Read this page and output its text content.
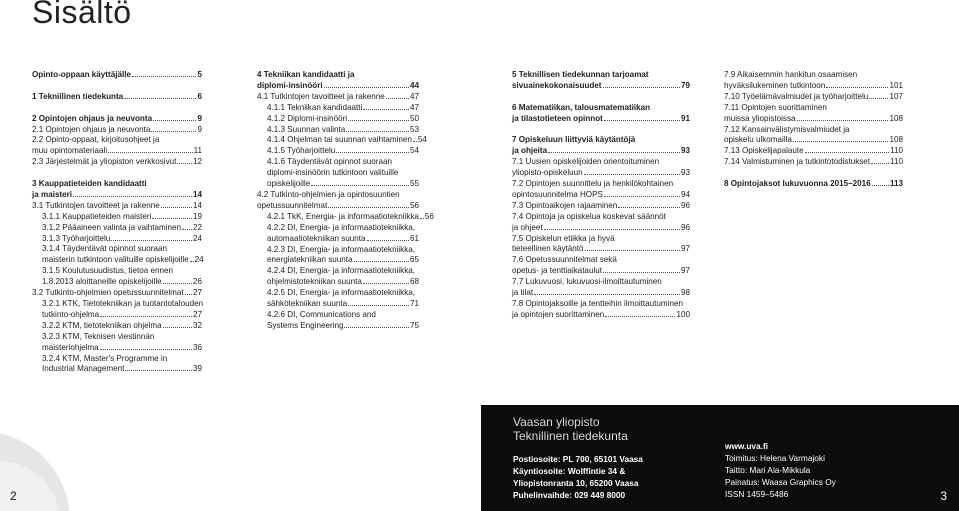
Sisältö
Opinto-oppaan käyttäjälle	5
1 Tekniilinen tiedekunta	6
2 Opintojen ohjaus ja neuvonta	9
2.1 Opintojen ohjaus ja neuvonta	9
2.2 Opinto-oppaat, kirjoitusohjeet ja
muu opintomateriaali	11
2.3 Järjestelmät ja yliopiston verkkosivut 12
3 Kauppatieteiden kandidaatti
ja maisteri	14
3.1 Tutkintojen tavoitteet ja rakenne	14
3.1.1 Kauppatieteiden maisteri	19
3.1.2 Pääaineen valinta ja vaihtaminen 22
3.1.3 Työharjoittelu	24
3.1.4 Täydentävät opinnot suoraan
maisterin tutkintoon valituille opiskelijoille 24
3.1.5 Koulutusuudistus, tietoa ennen
1.8.2013 aloittaneille opiskelijoille	26
3.2 Tutkinto-ohjelmien opetussuunnitelmat 27
3.2.1 KTK, Tietotekniikan ja tuotantotalouden
tutkinto-ohjelma	27
3.2.2 KTM, tietotekniikan ohjelma	32
3.2.3 KTM, Teknisen viestinnän
maisteriohjelma	36
3.2.4 KTM, Master's Programme in
Industrial Management	39
4 Tekniikan kandidaatti ja
diplomi-insinööri	44
4.1 Tutkintojen tavoitteet ja rakenne	47
4.1.1 Tekniikan kandidaatti	47
4.1.2 Diplomi-insinööri	50
4.1.3 Suunnan valinta	53
4.1.4 Ohjelman tai suunnan vaihtaminen 54
4.1.5 Työharjoittelu	54
4.1.6 Täydentävät opinnot suoraan
diplomi-insinöörin tutkintoon valituille
opiskelijoille	55
4.2 Tutkinto-ohjelmien ja opintosuuntien
opetussuunnitelmat	56
4.2.1 TkK, Energia- ja informaatiotekniikka 56
4.2.2 DI, Energia- ja informaatiotekniikka,
automaatiotekniikan suunta	61
4.2.3 DI, Energia- ja informaatiotekniikka,
energiatekniikan suunta	65
4.2.4 DI, Energia- ja informaatiotekniikka,
ohjelmistotekniikan suunta	68
4.2.5 DI, Energia- ja informaatiotekniikka,
sähkötekniikan suunta	71
4.2.6 DI, Communications and
Systems Engineering	75
5 Teknillisen tiedekunnan tarjoamat
sivuainekokonaisuudet	79
6 Matematiikan, talousmatematiikan
ja tilastotieteen opinnot	91
7 Opiskeluun liittyviä käytäntöjä
ja ohjeita	93
7.1 Uusien opiskelijoiden orientoituminen
yliopisto-opiskeluun	93
7.2 Opintojen suunnittelu ja henkilökohtainen
opintosuunnitelma HOPS	94
7.3 Opintoaikojen rajaaminen	96
7.4 Opintoja ja opiskelua koskevat säännöt
ja ohjeet	96
7.5 Opiskelun etiikka ja hyvä
tieteellinen käytäntö	97
7.6 Opetussuunnitelmat sekä
opetus- ja tenttiaikataulut	97
7.7 Lukuvuosi, lukuvuosi-ilmoittautuminen
ja tilat	98
7.8 Opintojaksoille ja tentteihin ilmoittautuminen
ja opintojen suorittaminen	100
7.9 Aikaisemmin hankitun osaamisen
hyväksilukeminen tutkintoon	101
7.10 Työelämävalmiudet ja työharjoittelu	107
7.11 Opintojen suorittaminen
muissa yliopistoissa	108
7.12 Kansainvälistymisvalmiudet ja
opiskelu ulkomailla	108
7.13 Opiskelijapalaute	110
7.14 Valmistuminen ja tutkintotodistukset 110
8 Opintojaksot lukuvuonna 2015–2016 113
2
Vaasan yliopisto
Teknillinen tiedekunta
Postiosoite: PL 700, 65101 Vaasa
Käyntiosoite: Wolffintie 34 &
Yliopistonranta 10, 65200 Vaasa
Puhelinvaihde: 029 449 8000
www.uva.fi
Toimitus: Helena Varmajoki
Taitto: Mari Ala-Mikkula
Painatus: Waasa Graphics Oy
ISSN 1459–5486	3
